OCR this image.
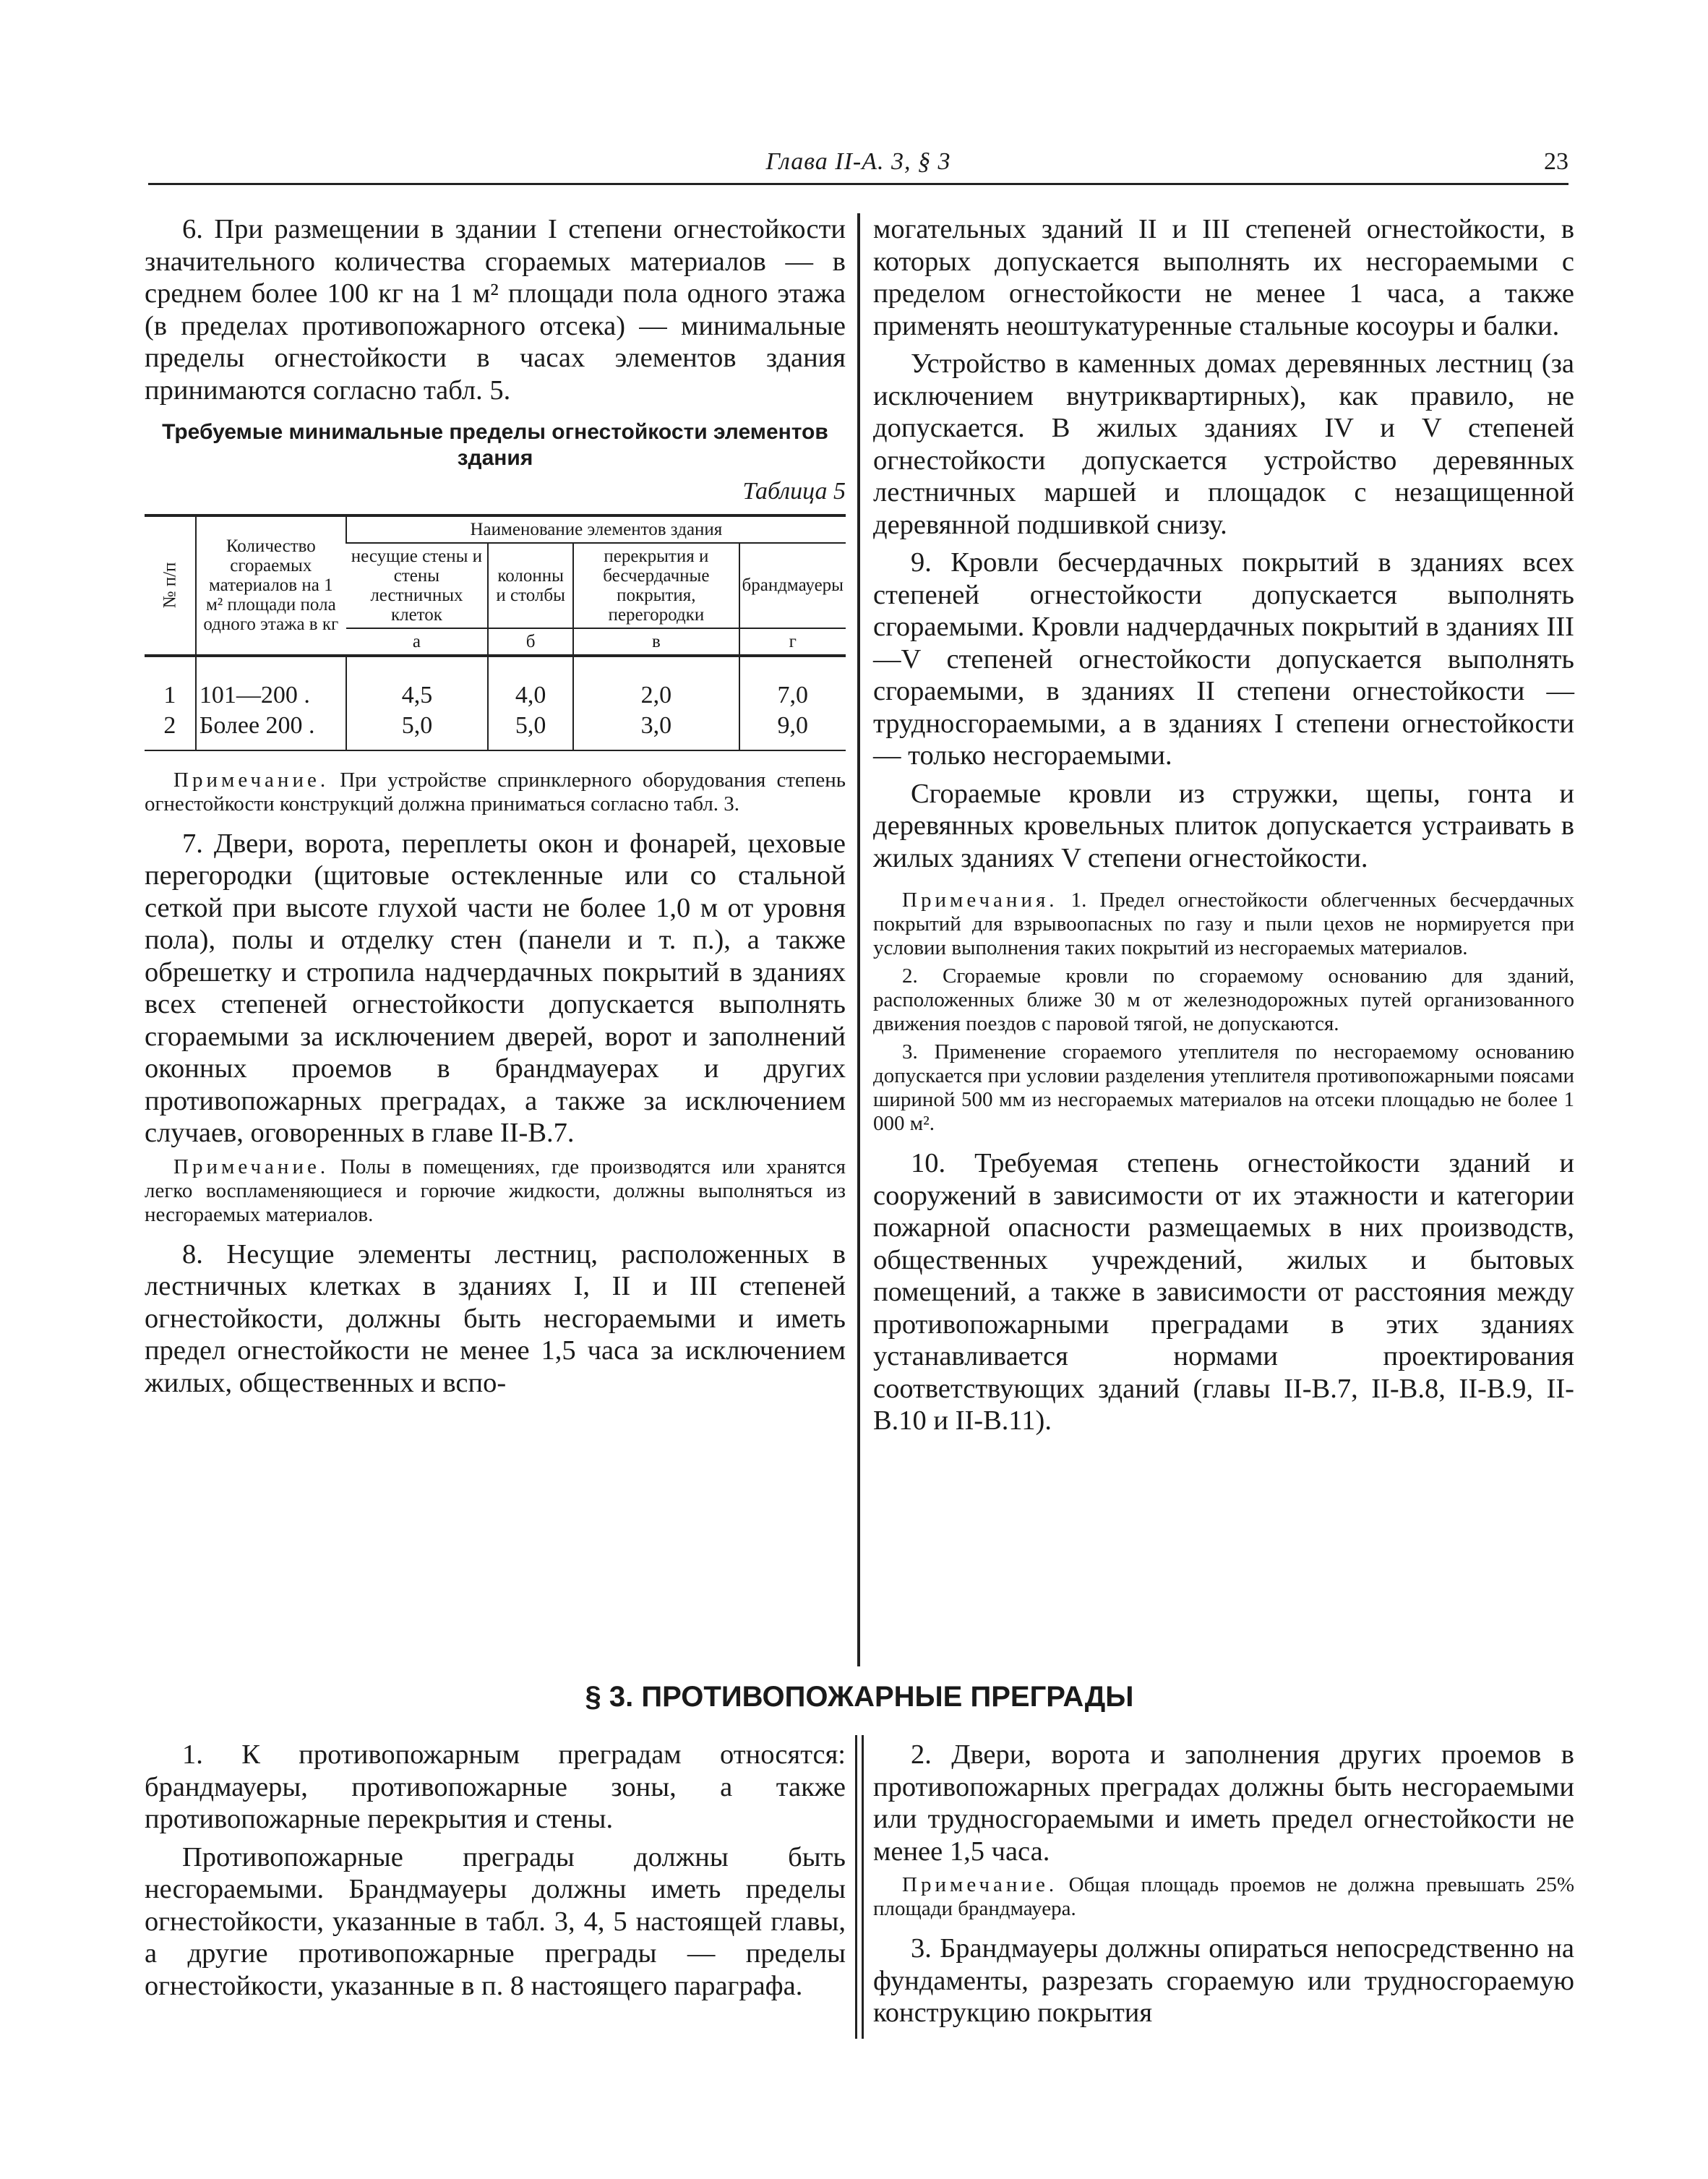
Глава II-А. 3, § 3	23

6. При размещении в здании I степени огнестойкости значительного количества сгораемых материалов — в среднем более 100 кг на 1 м² площади пола одного этажа (в пределах противопожарного отсека) — минимальные пределы огнестойкости в часах элементов здания принимаются согласно табл. 5.

Требуемые минимальные пределы огнестойкости элементов здания
Таблица 5
№ п/п	Количество сгораемых материалов на 1 м² площади пола одного этажа в кг	Наименование элементов здания			
		несущие стены и стены лестничных клеток	колонны и столбы	перекрытия и бесчердачные покрытия, перегородки	брандмауеры
		а	б	в	г
1	101—200 .	4,5	4,0	2,0	7,0
2	Более 200 .	5,0	5,0	3,0	9,0

Примечание. При устройстве спринклерного оборудования степень огнестойкости конструкций должна приниматься согласно табл. 3.

7. Двери, ворота, переплеты окон и фонарей, цеховые перегородки (щитовые остекленные или со стальной сеткой при высоте глухой части не более 1,0 м от уровня пола), полы и отделку стен (панели и т. п.), а также обрешетку и стропила надчердачных покрытий в зданиях всех степеней огнестойкости допускается выполнять сгораемыми за исключением дверей, ворот и заполнений оконных проемов в брандмауерах и других противопожарных преградах, а также за исключением случаев, оговоренных в главе II-В.7.

Примечание. Полы в помещениях, где производятся или хранятся легко воспламеняющиеся и горючие жидкости, должны выполняться из несгораемых материалов.

8. Несущие элементы лестниц, расположенных в лестничных клетках в зданиях I, II и III степеней огнестойкости, должны быть несгораемыми и иметь предел огнестойкости не менее 1,5 часа за исключением жилых, общественных и вспо-

могательных зданий II и III степеней огнестойкости, в которых допускается выполнять их несгораемыми с пределом огнестойкости не менее 1 часа, а также применять неоштукатуренные стальные косоуры и балки.

Устройство в каменных домах деревянных лестниц (за исключением внутриквартирных), как правило, не допускается. В жилых зданиях IV и V степеней огнестойкости допускается устройство деревянных лестничных маршей и площадок с незащищенной деревянной подшивкой снизу.

9. Кровли бесчердачных покрытий в зданиях всех степеней огнестойкости допускается выполнять сгораемыми. Кровли надчердачных покрытий в зданиях III—V степеней огнестойкости допускается выполнять сгораемыми, в зданиях II степени огнестойкости — трудносгораемыми, а в зданиях I степени огнестойкости — только несгораемыми.

Сгораемые кровли из стружки, щепы, гонта и деревянных кровельных плиток допускается устраивать в жилых зданиях V степени огнестойкости.

Примечания. 1. Предел огнестойкости облегченных бесчердачных покрытий для взрывоопасных по газу и пыли цехов не нормируется при условии выполнения таких покрытий из несгораемых материалов.

2. Сгораемые кровли по сгораемому основанию для зданий, расположенных ближе 30 м от железнодорожных путей организованного движения поездов с паровой тягой, не допускаются.

3. Применение сгораемого утеплителя по несгораемому основанию допускается при условии разделения утеплителя противопожарными поясами шириной 500 мм из несгораемых материалов на отсеки площадью не более 1 000 м².

10. Требуемая степень огнестойкости зданий и сооружений в зависимости от их этажности и категории пожарной опасности размещаемых в них производств, общественных учреждений, жилых и бытовых помещений, а также в зависимости от расстояния между противопожарными преградами в этих зданиях устанавливается нормами проектирования соответствующих зданий (главы II-В.7, II-В.8, II-В.9, II-В.10 и II-В.11).

§ 3. ПРОТИВОПОЖАРНЫЕ ПРЕГРАДЫ

1. К противопожарным преградам относятся: брандмауеры, противопожарные зоны, а также противопожарные перекрытия и стены.

Противопожарные преграды должны быть несгораемыми. Брандмауеры должны иметь пределы огнестойкости, указанные в табл. 3, 4, 5 настоящей главы, а другие противопожарные преграды — пределы огнестойкости, указанные в п. 8 настоящего параграфа.

2. Двери, ворота и заполнения других проемов в противопожарных преградах должны быть несгораемыми или трудносгораемыми и иметь предел огнестойкости не менее 1,5 часа.

Примечание. Общая площадь проемов не должна превышать 25% площади брандмауера.

3. Брандмауеры должны опираться непосредственно на фундаменты, разрезать сгораемую или трудносгораемую конструкцию покрытия
